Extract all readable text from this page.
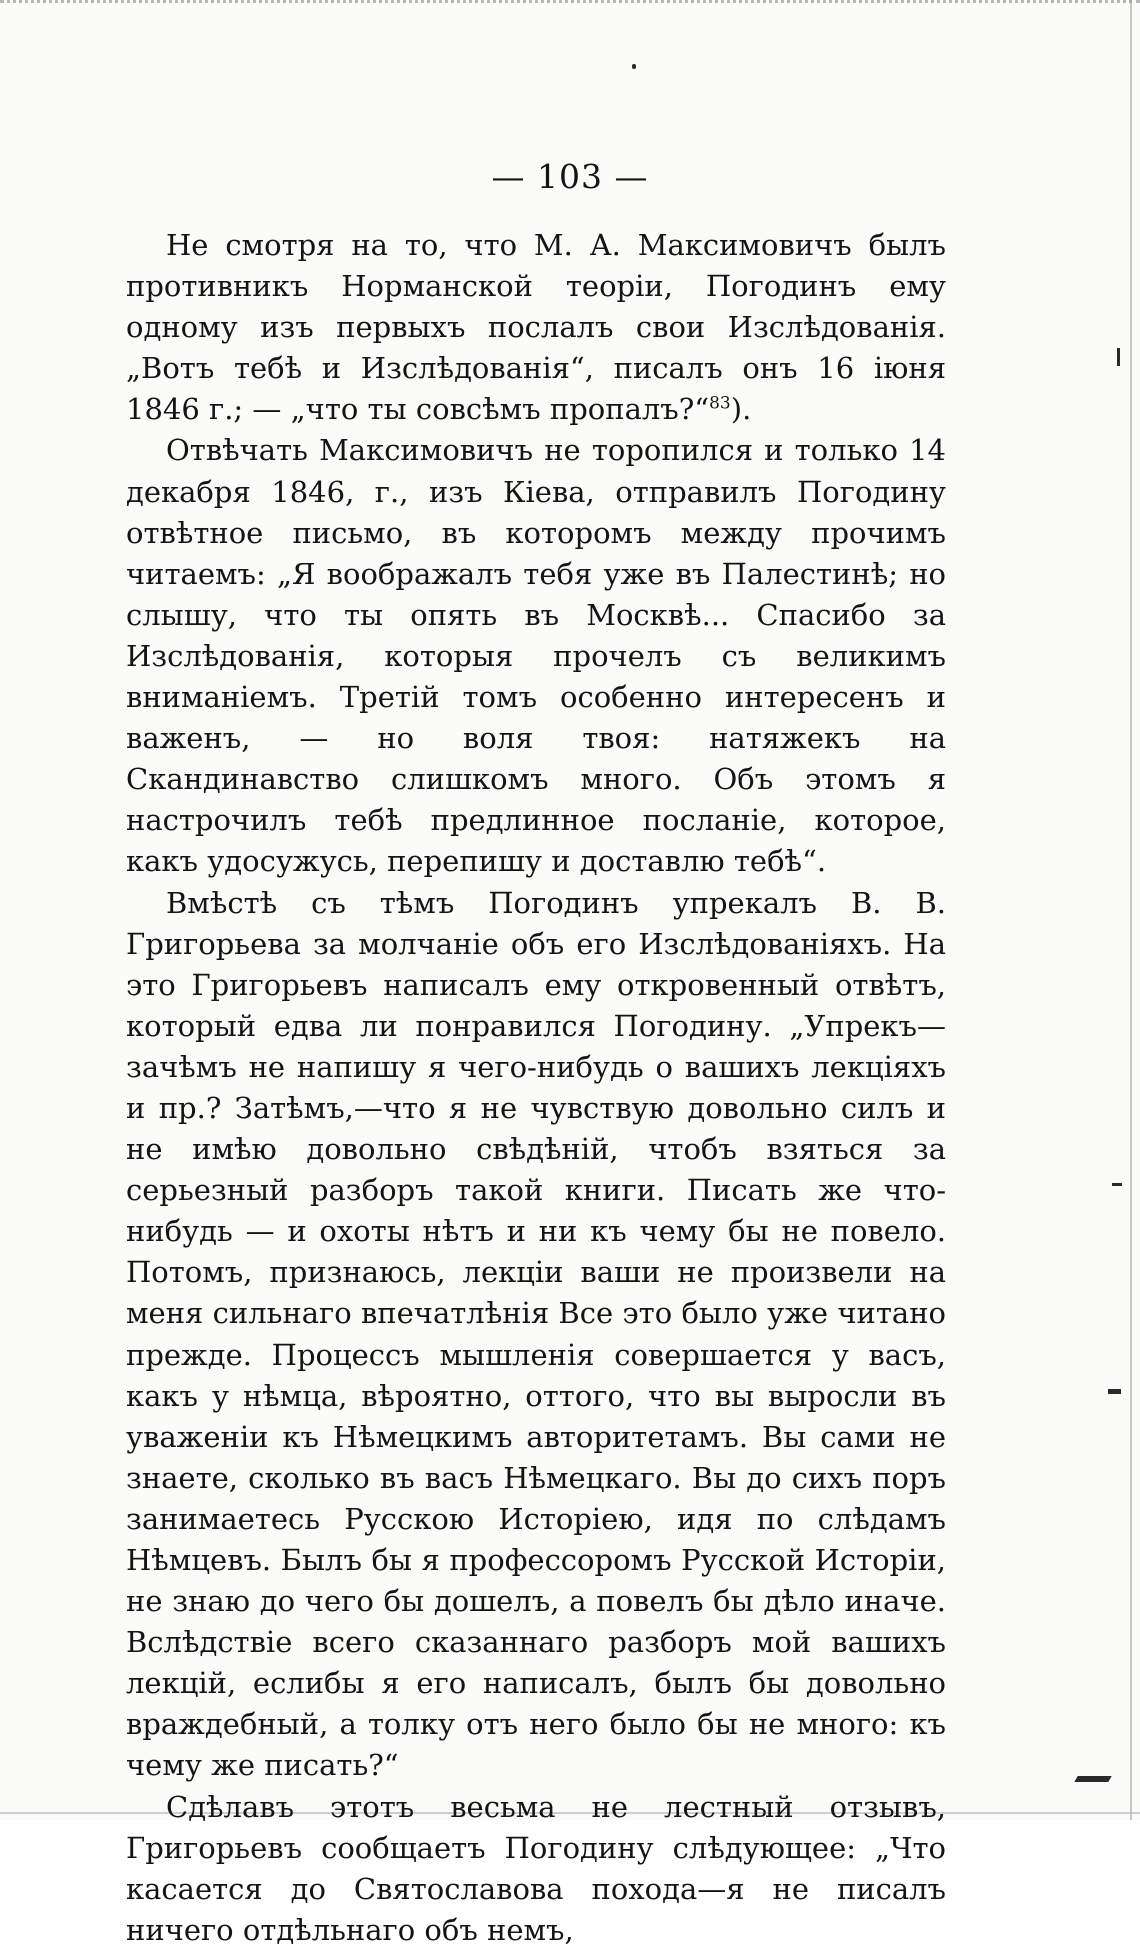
— 103 —

Не смотря на то, что М. А. Максимовичъ былъ противникъ Норманской теоріи, Погодинъ ему одному изъ первыхъ послалъ свои Изслѣдованія. „Вотъ тебѣ и Изслѣдованія“, писалъ онъ 16 іюня 1846 г.; — „что ты совсѣмъ пропалъ?“$^{83}$).

Отвѣчать Максимовичъ не торопился и только 14 декабря 1846, г., изъ Кіева, отправилъ Погодину отвѣтное письмо, въ которомъ между прочимъ читаемъ: „Я воображалъ тебя уже въ Палестинѣ; но слышу, что ты опять въ Москвѣ... Спасибо за Изслѣдованія, которыя прочелъ съ великимъ вниманіемъ. Третій томъ особенно интересенъ и важенъ, — но воля твоя: натяжекъ на Скандинавство слишкомъ много. Объ этомъ я настрочилъ тебѣ предлинное посланіе, которое, какъ удосужусь, перепишу и доставлю тебѣ“.

Вмѣстѣ съ тѣмъ Погодинъ упрекалъ В. В. Григорьева за молчаніе объ его Изслѣдованіяхъ. На это Григорьевъ написалъ ему откровенный отвѣтъ, который едва ли понравился Погодину. „Упрекъ—зачѣмъ не напишу я чего-нибудь о вашихъ лекціяхъ и пр.? Затѣмъ,—что я не чувствую довольно силъ и не имѣю довольно свѣдѣній, чтобъ взяться за серьезный разборъ такой книги. Писать же что-нибудь — и охоты нѣтъ и ни къ чему бы не повело. Потомъ, признаюсь, лекціи ваши не произвели на меня сильнаго впечатлѣнія Все это было уже читано прежде. Процессъ мышленія совершается у васъ, какъ у нѣмца, вѣроятно, оттого, что вы выросли въ уваженіи къ Нѣмецкимъ авторитетамъ. Вы сами не знаете, сколько въ васъ Нѣмецкаго. Вы до сихъ поръ занимаетесь Русскою Исторіею, идя по слѣдамъ Нѣмцевъ. Былъ бы я профессоромъ Русской Исторіи, не знаю до чего бы дошелъ, а повелъ бы дѣло иначе. Вслѣдствіе всего сказаннаго разборъ мой вашихъ лекцій, еслибы я его написалъ, былъ бы довольно враждебный, а толку отъ него было бы не много: къ чему же писать?“

Сдѣлавъ этотъ весьма не лестный отзывъ, Григорьевъ сообщаетъ Погодину слѣдующее: „Что касается до Святославова похода—я не писалъ ничего отдѣльнаго объ немъ,
